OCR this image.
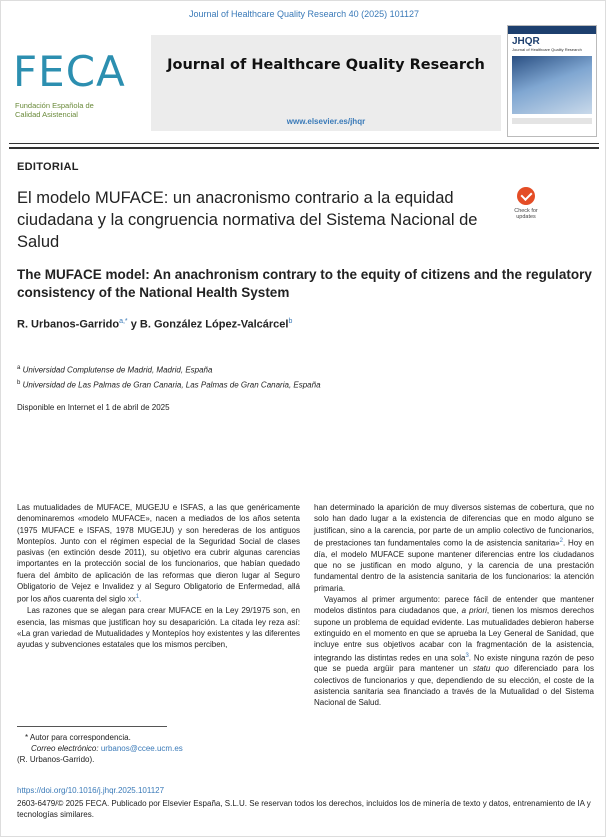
Journal of Healthcare Quality Research 40 (2025) 101127
FECA
Fundación Española de Calidad Asistencial
Journal of Healthcare Quality Research
www.elsevier.es/jhqr
JHQR
Journal of Healthcare Quality Research
EDITORIAL
El modelo MUFACE: un anacronismo contrario a la equidad ciudadana y la congruencia normativa del Sistema Nacional de Salud
Check for updates
The MUFACE model: An anachronism contrary to the equity of citizens and the regulatory consistency of the National Health System
R. Urbanos-Garrido$^{a,*}$ y B. González López-Valcárcel$^b$
$^a$ Universidad Complutense de Madrid, Madrid, España
$^b$ Universidad de Las Palmas de Gran Canaria, Las Palmas de Gran Canaria, España
Disponible en Internet el 1 de abril de 2025

Las mutualidades de MUFACE, MUGEJU e ISFAS, a las que genéricamente denominaremos «modelo MUFACE», nacen a mediados de los años setenta (1975 MUFACE e ISFAS, 1978 MUGEJU) y son herederas de los antiguos Montepíos. Junto con el régimen especial de la Seguridad Social de clases pasivas (en extinción desde 2011), su objetivo era cubrir algunas carencias importantes en la protección social de los funcionarios, que habían quedado fuera del ámbito de aplicación de las reformas que dieron lugar al Seguro Obligatorio de Vejez e Invalidez y al Seguro Obligatorio de Enfermedad, allá por los años cuarenta del siglo $xx^1$.

Las razones que se alegan para crear MUFACE en la Ley 29/1975 son, en esencia, las mismas que justifican hoy su desaparición. La citada ley reza así: «La gran variedad de Mutualidades y Montepíos hoy existentes y las diferentes ayudas y subvenciones estatales que los mismos perciben,

han determinado la aparición de muy diversos sistemas de cobertura, que no solo han dado lugar a la existencia de diferencias que en modo alguno se justifican, sino a la carencia, por parte de un amplio colectivo de funcionarios, de prestaciones tan fundamentales como la de asistencia sanitaria»$^2$. Hoy en día, el modelo MUFACE supone mantener diferencias entre los ciudadanos que no se justifican en modo alguno, y la carencia de una prestación fundamental dentro de la asistencia sanitaria de los funcionarios: la atención primaria.

Vayamos al primer argumento: parece fácil de entender que mantener modelos distintos para ciudadanos que, a priori, tienen los mismos derechos supone un problema de equidad evidente. Las mutualidades debieron haberse extinguido en el momento en que se aprueba la Ley General de Sanidad, que incluye entre sus objetivos acabar con la fragmentación de la asistencia, integrando las distintas redes en una sola$^3$. No existe ninguna razón de peso que se pueda argüir para mantener un statu quo diferenciado para los colectivos de funcionarios y que, dependiendo de su elección, el coste de la asistencia sanitaria sea financiado a través de la Mutualidad o del Sistema Nacional de Salud.

* Autor para correspondencia.
Correo electrónico: urbanos@ccee.ucm.es
(R. Urbanos-Garrido).
https://doi.org/10.1016/j.jhqr.2025.101127
2603-6479/© 2025 FECA. Publicado por Elsevier España, S.L.U. Se reservan todos los derechos, incluidos los de minería de texto y datos, entrenamiento de IA y tecnologías similares.
